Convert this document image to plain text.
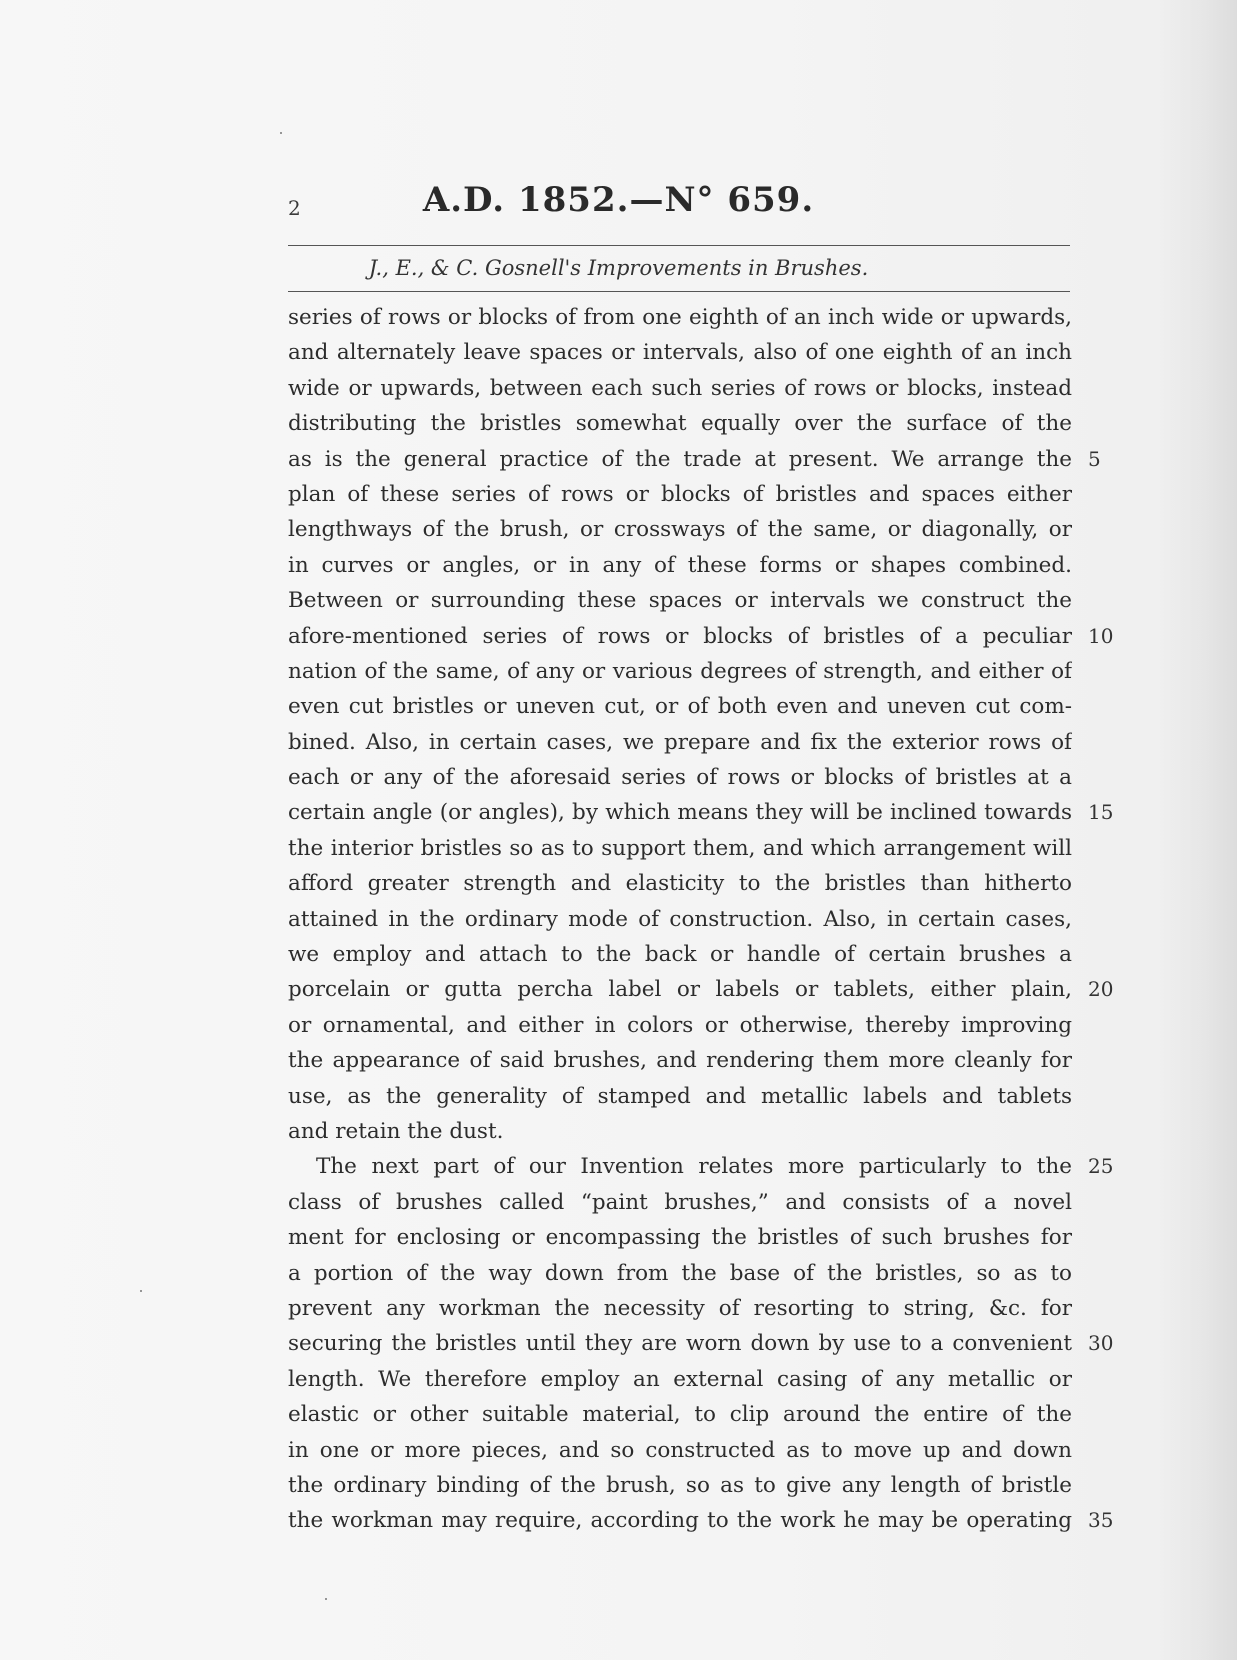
2	A.D. 1852.—N° 659.
J., E., & C. Gosnell's Improvements in Brushes.
series of rows or blocks of from one eighth of an inch wide or upwards,
and alternately leave spaces or intervals, also of one eighth of an inch
wide or upwards, between each such series of rows or blocks, instead
distributing the bristles somewhat equally over the surface of the
as is the general practice of the trade at present. We arrange the 5
plan of these series of rows or blocks of bristles and spaces either
lengthways of the brush, or crossways of the same, or diagonally, or
in curves or angles, or in any of these forms or shapes combined.
Between or surrounding these spaces or intervals we construct the
afore-mentioned series of rows or blocks of bristles of a peculiar 10
nation of the same, of any or various degrees of strength, and either of
even cut bristles or uneven cut, or of both even and uneven cut com-
bined. Also, in certain cases, we prepare and fix the exterior rows of
each or any of the aforesaid series of rows or blocks of bristles at a
certain angle (or angles), by which means they will be inclined towards 15
the interior bristles so as to support them, and which arrangement will
afford greater strength and elasticity to the bristles than hitherto
attained in the ordinary mode of construction. Also, in certain cases,
we employ and attach to the back or handle of certain brushes a
porcelain or gutta percha label or labels or tablets, either plain, 20
or ornamental, and either in colors or otherwise, thereby improving
the appearance of said brushes, and rendering them more cleanly for
use, as the generality of stamped and metallic labels and tablets
and retain the dust.
The next part of our Invention relates more particularly to the 25
class of brushes called “paint brushes,” and consists of a novel
ment for enclosing or encompassing the bristles of such brushes for
a portion of the way down from the base of the bristles, so as to
prevent any workman the necessity of resorting to string, &c. for
securing the bristles until they are worn down by use to a convenient 30
length. We therefore employ an external casing of any metallic or
elastic or other suitable material, to clip around the entire of the
in one or more pieces, and so constructed as to move up and down
the ordinary binding of the brush, so as to give any length of bristle
the workman may require, according to the work he may be operating 35
